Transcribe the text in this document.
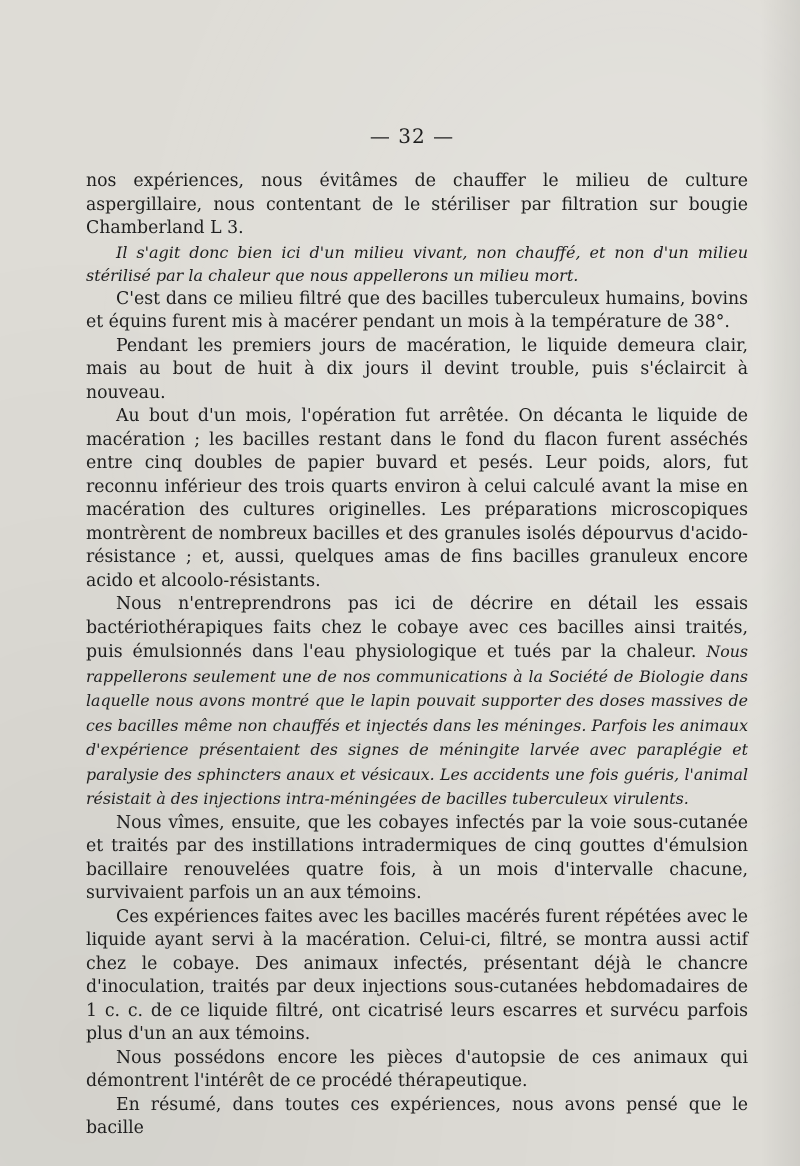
— 32 —

nos expériences, nous évitâmes de chauffer le milieu de culture aspergillaire, nous contentant de le stériliser par filtration sur bougie Chamberland L 3.

Il s'agit donc bien ici d'un milieu vivant, non chauffé, et non d'un milieu stérilisé par la chaleur que nous appellerons un milieu mort.

C'est dans ce milieu filtré que des bacilles tuberculeux humains, bovins et équins furent mis à macérer pendant un mois à la température de 38°.

Pendant les premiers jours de macération, le liquide demeura clair, mais au bout de huit à dix jours il devint trouble, puis s'éclaircit à nouveau.

Au bout d'un mois, l'opération fut arrêtée. On décanta le liquide de macération ; les bacilles restant dans le fond du flacon furent asséchés entre cinq doubles de papier buvard et pesés. Leur poids, alors, fut reconnu inférieur des trois quarts environ à celui calculé avant la mise en macération des cultures originelles. Les préparations microscopiques montrèrent de nombreux bacilles et des granules isolés dépourvus d'acido-résistance ; et, aussi, quelques amas de fins bacilles granuleux encore acido et alcoolo-résistants.

Nous n'entreprendrons pas ici de décrire en détail les essais bactériothérapiques faits chez le cobaye avec ces bacilles ainsi traités, puis émulsionnés dans l'eau physiologique et tués par la chaleur. Nous rappellerons seulement une de nos communications à la Société de Biologie dans laquelle nous avons montré que le lapin pouvait supporter des doses massives de ces bacilles même non chauffés et injectés dans les méninges. Parfois les animaux d'expérience présentaient des signes de méningite larvée avec paraplégie et paralysie des sphincters anaux et vésicaux. Les accidents une fois guéris, l'animal résistait à des injections intra-méningées de bacilles tuberculeux virulents.

Nous vîmes, ensuite, que les cobayes infectés par la voie sous-cutanée et traités par des instillations intradermiques de cinq gouttes d'émulsion bacillaire renouvelées quatre fois, à un mois d'intervalle chacune, survivaient parfois un an aux témoins.

Ces expériences faites avec les bacilles macérés furent répétées avec le liquide ayant servi à la macération. Celui-ci, filtré, se montra aussi actif chez le cobaye. Des animaux infectés, présentant déjà le chancre d'inoculation, traités par deux injections sous-cutanées hebdomadaires de 1 c. c. de ce liquide filtré, ont cicatrisé leurs escarres et survécu parfois plus d'un an aux témoins.

Nous possédons encore les pièces d'autopsie de ces animaux qui démontrent l'intérêt de ce procédé thérapeutique.

En résumé, dans toutes ces expériences, nous avons pensé que le bacille
